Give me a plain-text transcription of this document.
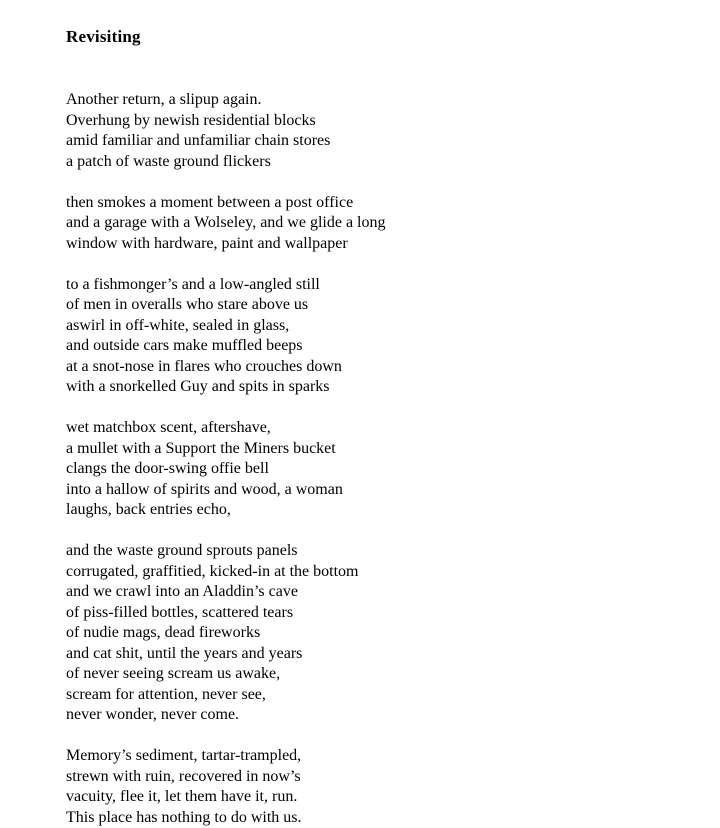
Revisiting

Another return, a slipup again.
Overhung by newish residential blocks
amid familiar and unfamiliar chain stores
a patch of waste ground flickers

then smokes a moment between a post office
and a garage with a Wolseley, and we glide a long
window with hardware, paint and wallpaper

to a fishmonger’s and a low-angled still
of men in overalls who stare above us
aswirl in off-white, sealed in glass,
and outside cars make muffled beeps
at a snot-nose in flares who crouches down
with a snorkelled Guy and spits in sparks

wet matchbox scent, aftershave,
a mullet with a Support the Miners bucket
clangs the door-swing offie bell
into a hallow of spirits and wood, a woman
laughs, back entries echo,

and the waste ground sprouts panels
corrugated, graffitied, kicked-in at the bottom
and we crawl into an Aladdin’s cave
of piss-filled bottles, scattered tears
of nudie mags, dead fireworks
and cat shit, until the years and years
of never seeing scream us awake,
scream for attention, never see,
never wonder, never come.

Memory’s sediment, tartar-trampled,
strewn with ruin, recovered in now’s
vacuity, flee it, let them have it, run.
This place has nothing to do with us.
